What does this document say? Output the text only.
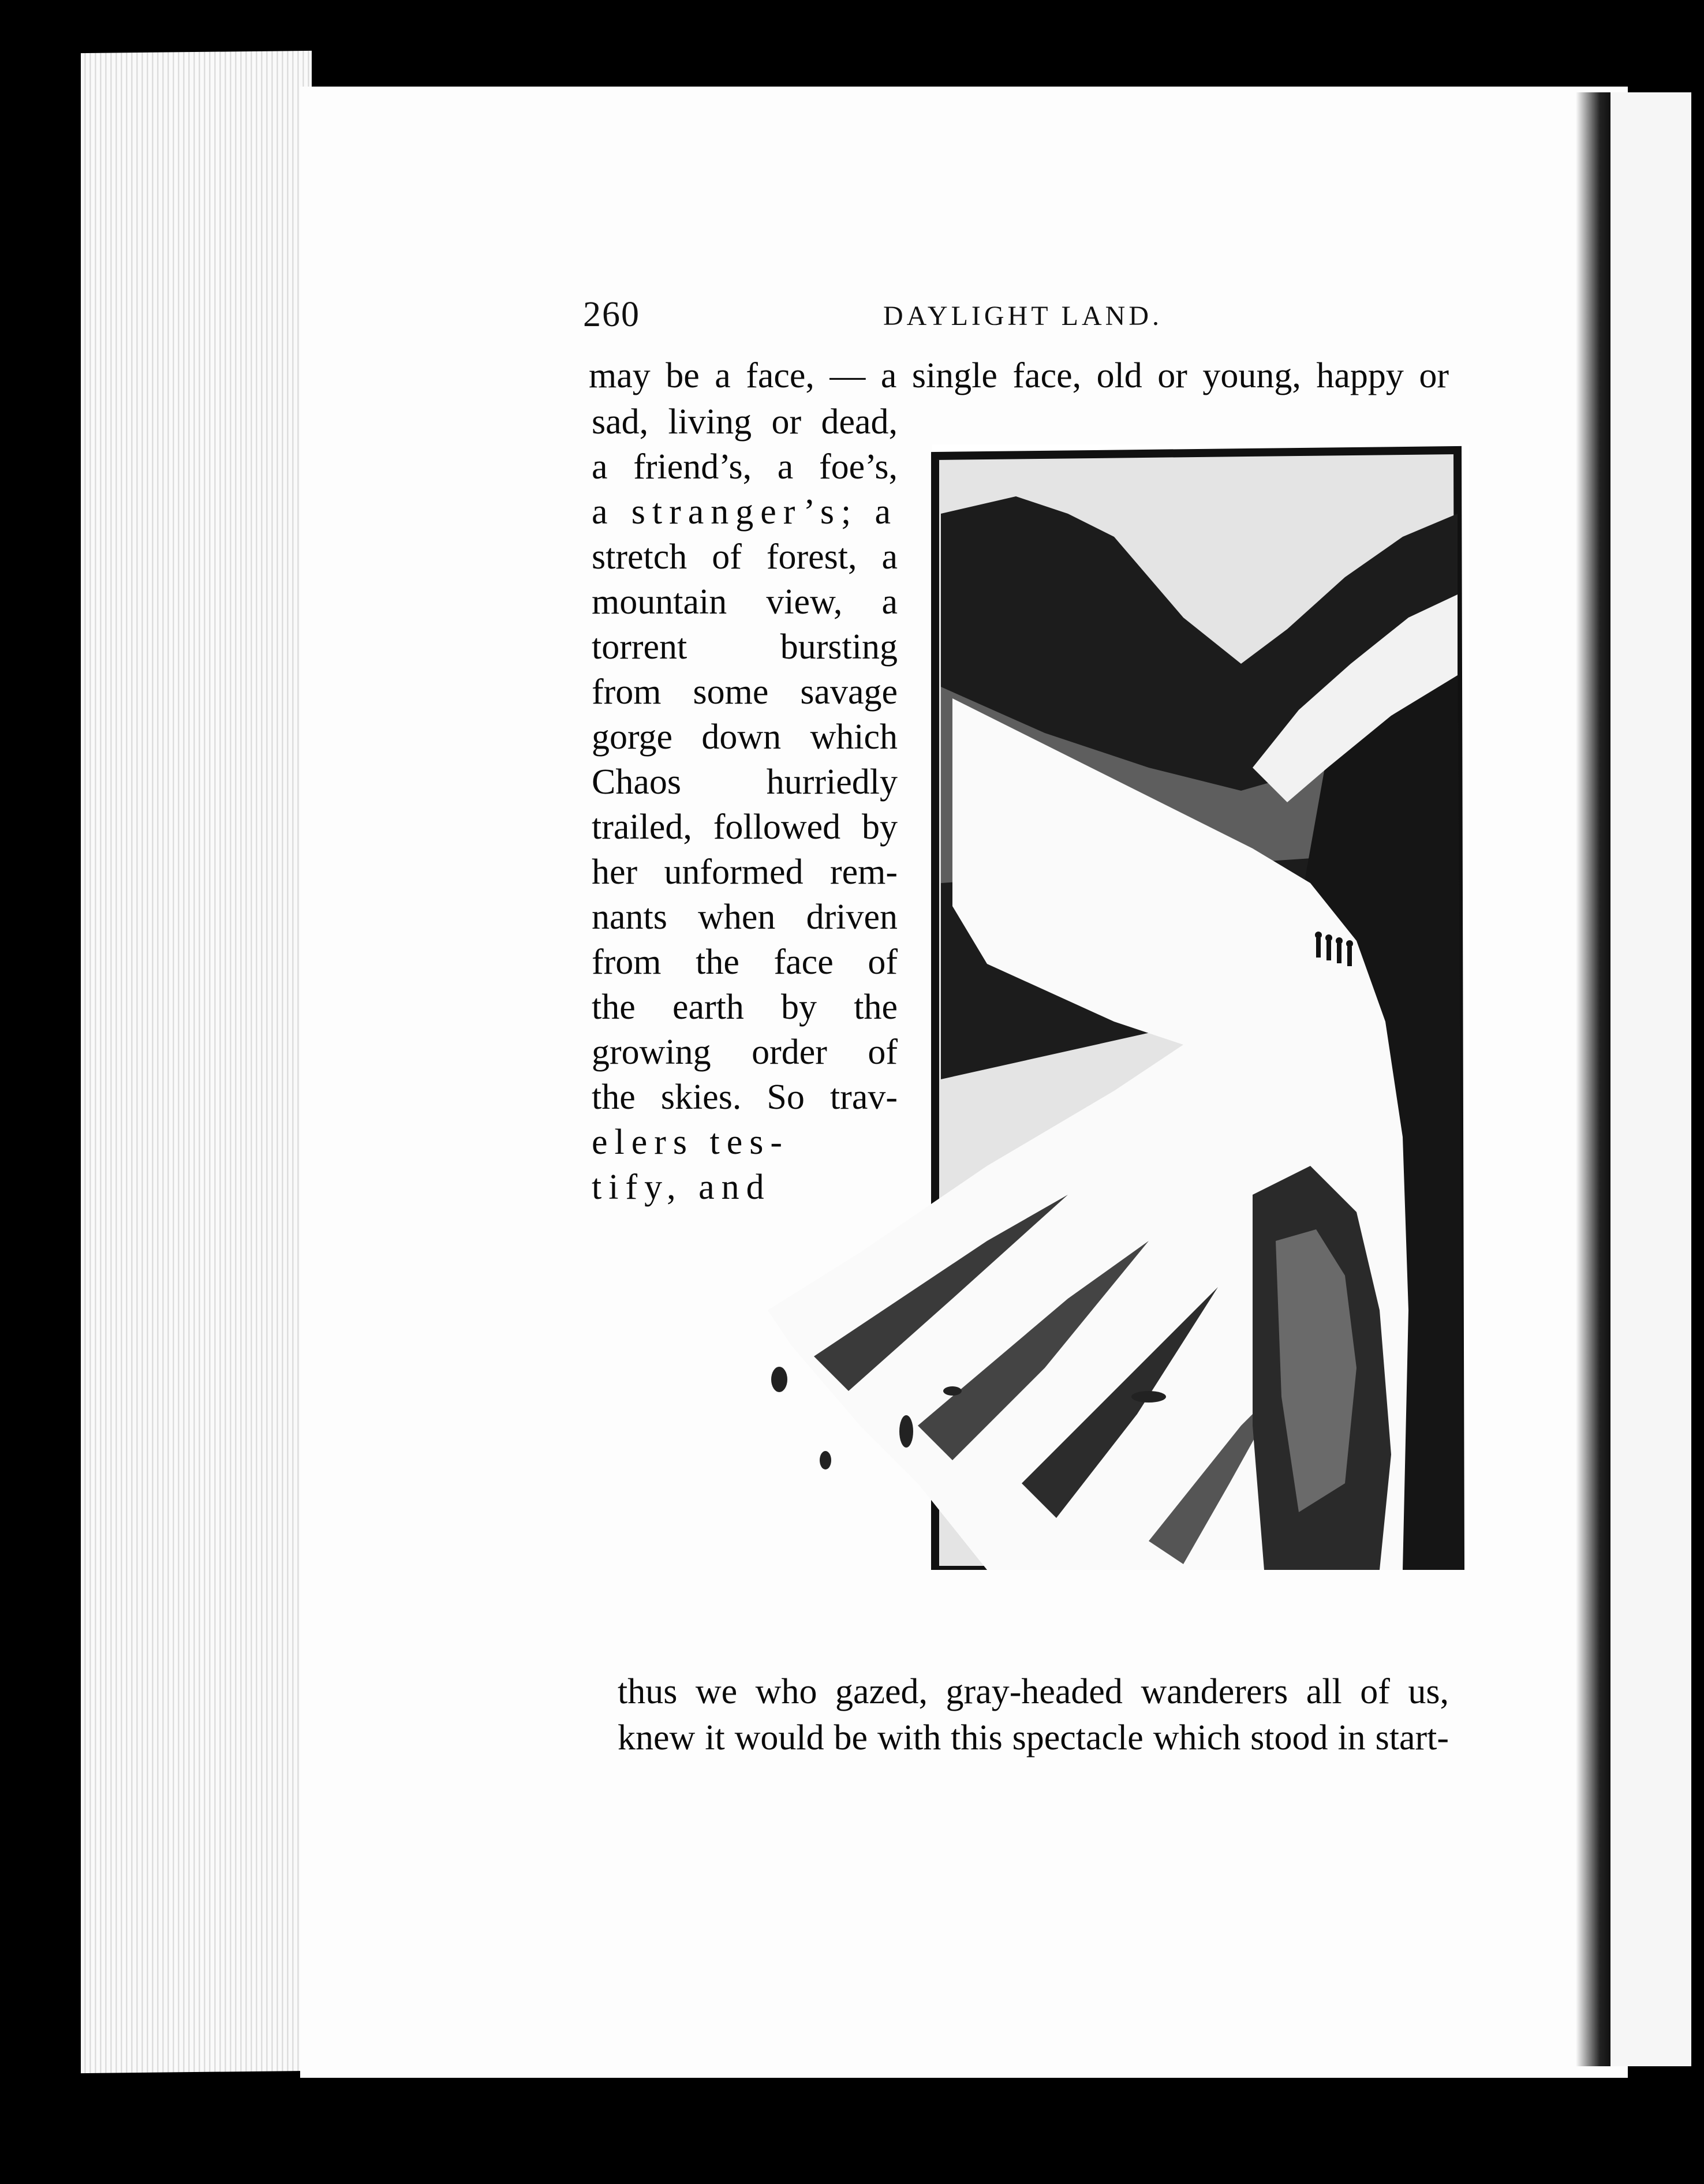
260	DAYLIGHT LAND.
may be a face, — a single face, old or young, happy or
sad, living or dead,
a friend’s, a foe’s,
a stranger’s; a
stretch of forest, a
mountain view, a
torrent bursting
from some savage
gorge down which
Chaos hurriedly
trailed, followed by
her unformed rem-
nants when driven
from the face of
the earth by the
growing order of
the skies. So trav-
elers tes-
tify, and
thus we who gazed, gray-headed wanderers all of us,
knew it would be with this spectacle which stood in start-
